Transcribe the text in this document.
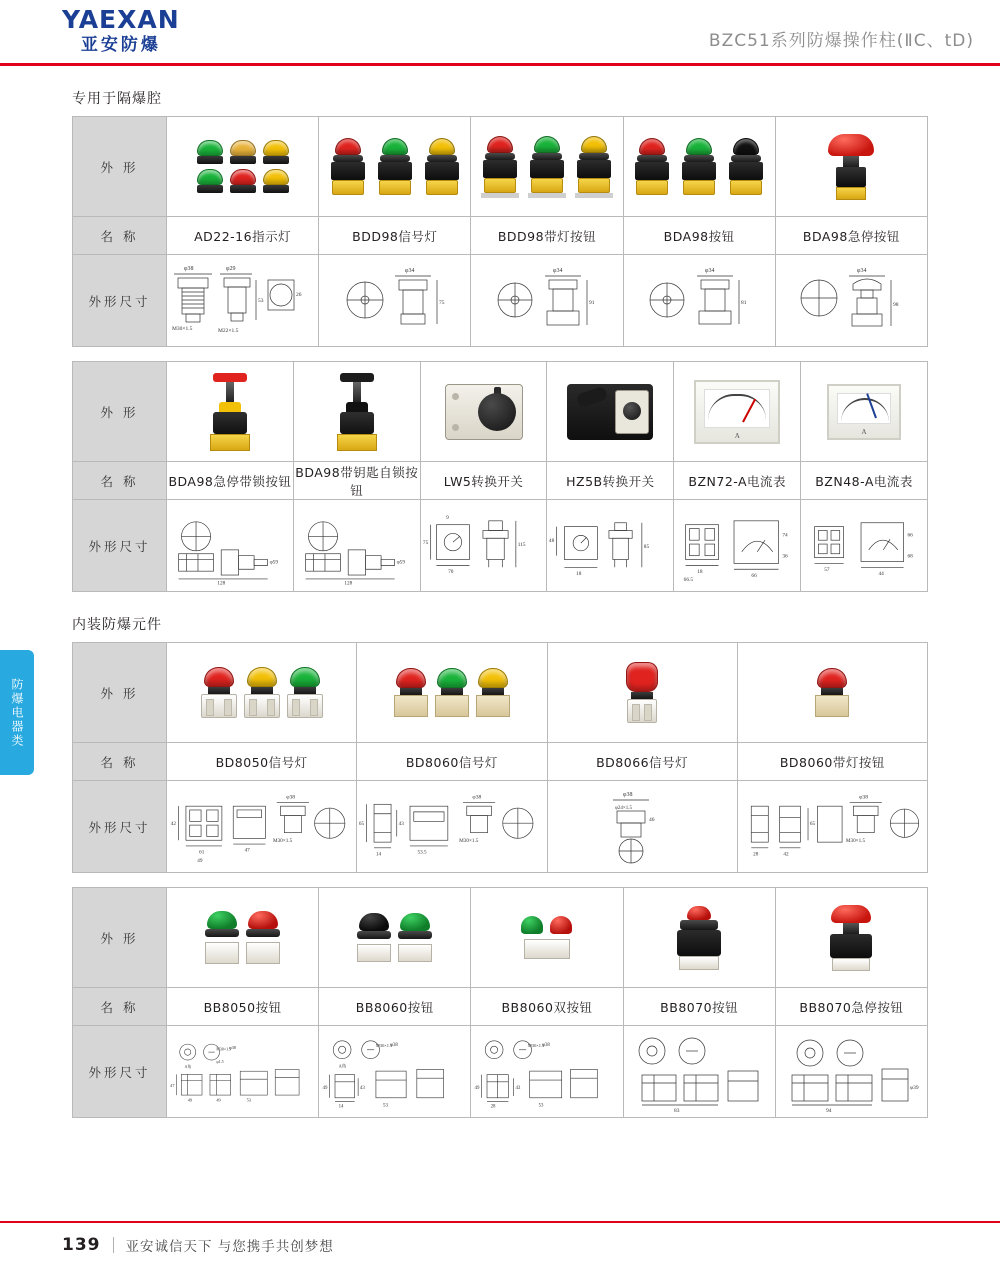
YAEXAN
亚安防爆	BZC51系列防爆操作柱(ⅡC、tD)
防爆电器类
专用于隔爆腔
外 形	

名 称	AD22-16指示灯	BDD98信号灯	BDD98带灯按钮	BDA98按钮	BDA98急停按钮
外形尺寸	
φ38	φ29
M30×1.5	M22×1.5
53
26

φ34
75

φ34
91

φ34
81

φ34
98
外 形					A	A

名 称	BDA98急停带锁按钮	BDA98带钥匙自锁按钮	LW5转换开关	HZ5B转换开关	BZN72-A电流表	BZN48-A电流表
外形尺寸	φ59
128	φ59
128	9
75
70
115	48
18
85	18
66.5
66
74
36	57
44
66
68
内装防爆元件
外 形	

名 称	BD8050信号灯	BD8060信号灯	BD8066信号灯	BD8060带灯按钮
外形尺寸	42
61
49
47
φ38
M30×1.5

65	43
14	53.5
φ38
M30×1.5

φ38
φ24×1.5
46

28	42
65
φ38
M30×1.5
外 形	

名 称	BB8050按钮	BB8060按钮	BB8060双按钮	BB8070按钮	BB8070急停按钮
外形尺寸	
M30×1.5
φ38
A角
φ1.5
47
49	49	53

M30×1.5
φ38
A角
49	43
14	53

M30×1.5
φ38
49
28
43
53

83	94
φ39
139 亚安诚信天下 与您携手共创梦想
